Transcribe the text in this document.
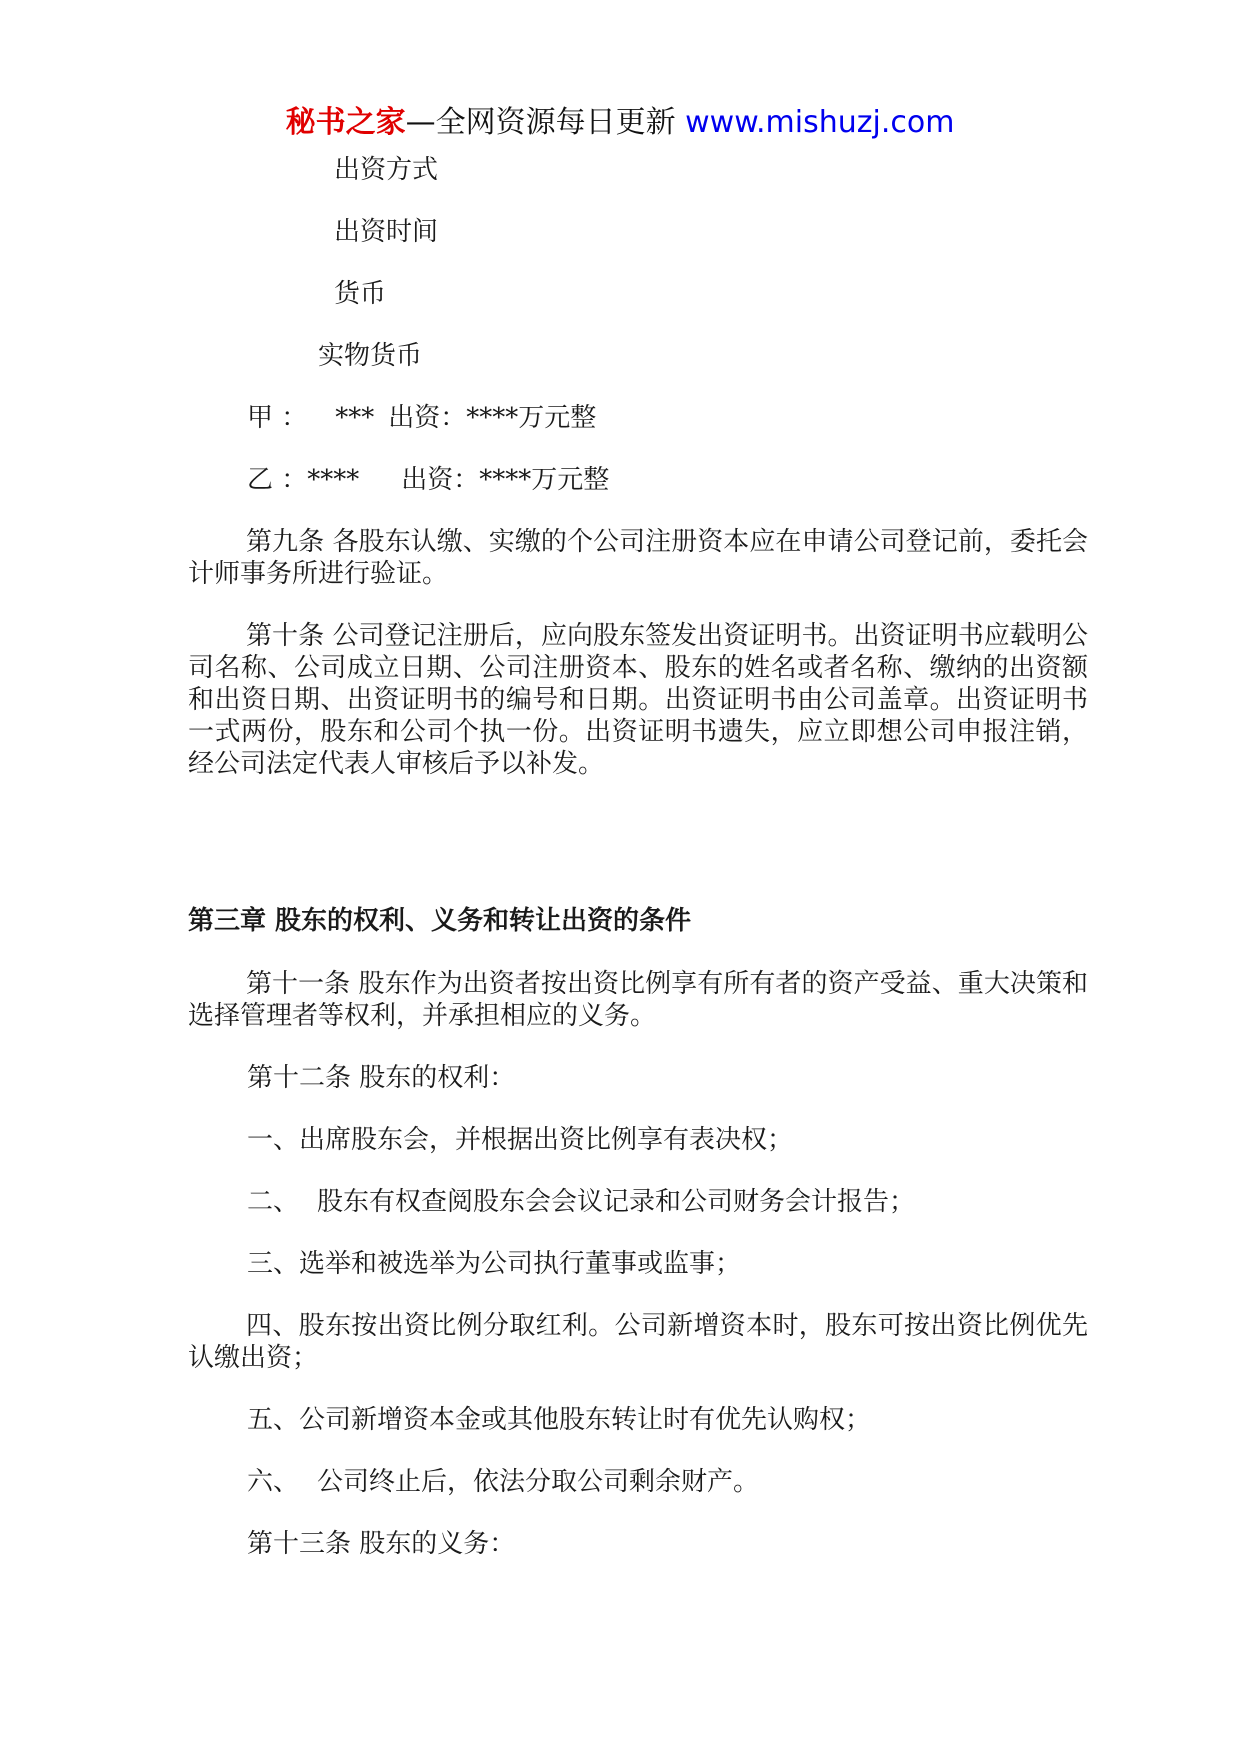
秘书之家—全网资源每日更新 www.mishuzj.com
出资方式
出资时间
货币
实物货币
甲 ： *** 出资：****万元整
乙 ：**** 出资：****万元整
第九条 各股东认缴、实缴的个公司注册资本应在申请公司登记前，委托会计师事务所进行验证。
第十条 公司登记注册后，应向股东签发出资证明书。出资证明书应载明公司名称、公司成立日期、公司注册资本、股东的姓名或者名称、缴纳的出资额和出资日期、出资证明书的编号和日期。出资证明书由公司盖章。出资证明书一式两份，股东和公司个执一份。出资证明书遗失，应立即想公司申报注销，经公司法定代表人审核后予以补发。
第三章 股东的权利、义务和转让出资的条件
第十一条 股东作为出资者按出资比例享有所有者的资产受益、重大决策和选择管理者等权利，并承担相应的义务。
第十二条 股东的权利：
一、出席股东会，并根据出资比例享有表决权；
二、 股东有权查阅股东会会议记录和公司财务会计报告；
三、选举和被选举为公司执行董事或监事；
四、股东按出资比例分取红利。公司新增资本时，股东可按出资比例优先认缴出资；
五、公司新增资本金或其他股东转让时有优先认购权；
六、 公司终止后，依法分取公司剩余财产。
第十三条 股东的义务：
